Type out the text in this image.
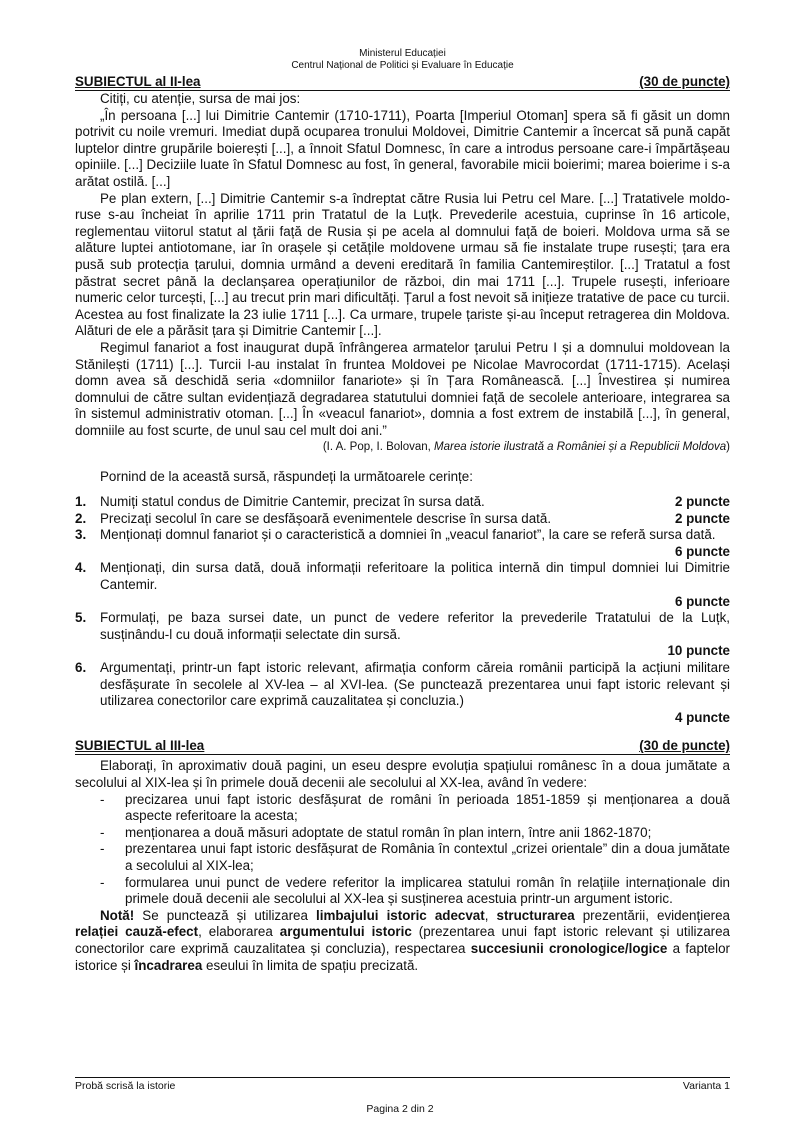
Ministerul Educației
Centrul Național de Politici și Evaluare în Educație
SUBIECTUL al II-lea	(30 de puncte)

Citiți, cu atenție, sursa de mai jos:

„În persoana [...] lui Dimitrie Cantemir (1710-1711), Poarta [Imperiul Otoman] spera să fi găsit un domn potrivit cu noile vremuri. Imediat după ocuparea tronului Moldovei, Dimitrie Cantemir a încercat să pună capăt luptelor dintre grupările boierești [...], a înnoit Sfatul Domnesc, în care a introdus persoane care-i împărtășeau opiniile. [...] Deciziile luate în Sfatul Domnesc au fost, în general, favorabile micii boierimi; marea boierime i s-a arătat ostilă. [...]

Pe plan extern, [...] Dimitrie Cantemir s-a îndreptat către Rusia lui Petru cel Mare. [...] Tratativele moldo-ruse s-au încheiat în aprilie 1711 prin Tratatul de la Luțk. Prevederile acestuia, cuprinse în 16 articole, reglementau viitorul statut al țării față de Rusia și pe acela al domnului față de boieri. Moldova urma să se alăture luptei antiotomane, iar în orașele și cetățile moldovene urmau să fie instalate trupe rusești; țara era pusă sub protecția țarului, domnia urmând a deveni ereditară în familia Cantemireștilor. [...] Tratatul a fost păstrat secret până la declanșarea operațiunilor de război, din mai 1711 [...]. Trupele rusești, inferioare numeric celor turcești, [...] au trecut prin mari dificultăți. Țarul a fost nevoit să inițieze tratative de pace cu turcii. Acestea au fost finalizate la 23 iulie 1711 [...]. Ca urmare, trupele țariste și-au început retragerea din Moldova. Alături de ele a părăsit țara și Dimitrie Cantemir [...].

Regimul fanariot a fost inaugurat după înfrângerea armatelor țarului Petru I și a domnului moldovean la Stănilești (1711) [...]. Turcii l-au instalat în fruntea Moldovei pe Nicolae Mavrocordat (1711-1715). Același domn avea să deschidă seria «domniilor fanariote» și în Țara Românească. [...] Învestirea și numirea domnului de către sultan evidențiază degradarea statutului domniei față de secolele anterioare, integrarea sa în sistemul administrativ otoman. [...] În «veacul fanariot», domnia a fost extrem de instabilă [...], în general, domniile au fost scurte, de unul sau cel mult doi ani.”

(I. A. Pop, I. Bolovan, Marea istorie ilustrată a României și a Republicii Moldova)

Pornind de la această sursă, răspundeți la următoarele cerințe:

1.	Numiți statul condus de Dimitrie Cantemir, precizat în sursa dată.	2 puncte
2.	Precizați secolul în care se desfășoară evenimentele descrise în sursa dată.	2 puncte
3.	Menționați domnul fanariot și o caracteristică a domniei în „veacul fanariot”, la care se referă sursa dată.
6 puncte
4.	Menționați, din sursa dată, două informații referitoare la politica internă din timpul domniei lui Dimitrie Cantemir.
6 puncte
5.	Formulați, pe baza sursei date, un punct de vedere referitor la prevederile Tratatului de la Luțk, susținându-l cu două informații selectate din sursă.
10 puncte
6.	Argumentați, printr-un fapt istoric relevant, afirmația conform căreia românii participă la acțiuni militare desfășurate în secolele al XV-lea – al XVI-lea. (Se punctează prezentarea unui fapt istoric relevant și utilizarea conectorilor care exprimă cauzalitatea și concluzia.)
4 puncte
SUBIECTUL al III-lea	(30 de puncte)

Elaborați, în aproximativ două pagini, un eseu despre evoluția spațiului românesc în a doua jumătate a secolului al XIX-lea și în primele două decenii ale secolului al XX-lea, având în vedere:

-	precizarea unui fapt istoric desfășurat de români în perioada 1851-1859 și menționarea a două aspecte referitoare la acesta;
-	menționarea a două măsuri adoptate de statul român în plan intern, între anii 1862-1870;
-	prezentarea unui fapt istoric desfășurat de România în contextul „crizei orientale” din a doua jumătate a secolului al XIX-lea;
-	formularea unui punct de vedere referitor la implicarea statului român în relațiile internaționale din primele două decenii ale secolului al XX-lea și susținerea acestuia printr-un argument istoric.

Notă! Se punctează și utilizarea limbajului istoric adecvat, structurarea prezentării, evidențierea relației cauză-efect, elaborarea argumentului istoric (prezentarea unui fapt istoric relevant și utilizarea conectorilor care exprimă cauzalitatea și concluzia), respectarea succesiunii cronologice/logice a faptelor istorice și încadrarea eseului în limita de spațiu precizată.

Probă scrisă la istorie	Varianta 1
Pagina 2 din 2
